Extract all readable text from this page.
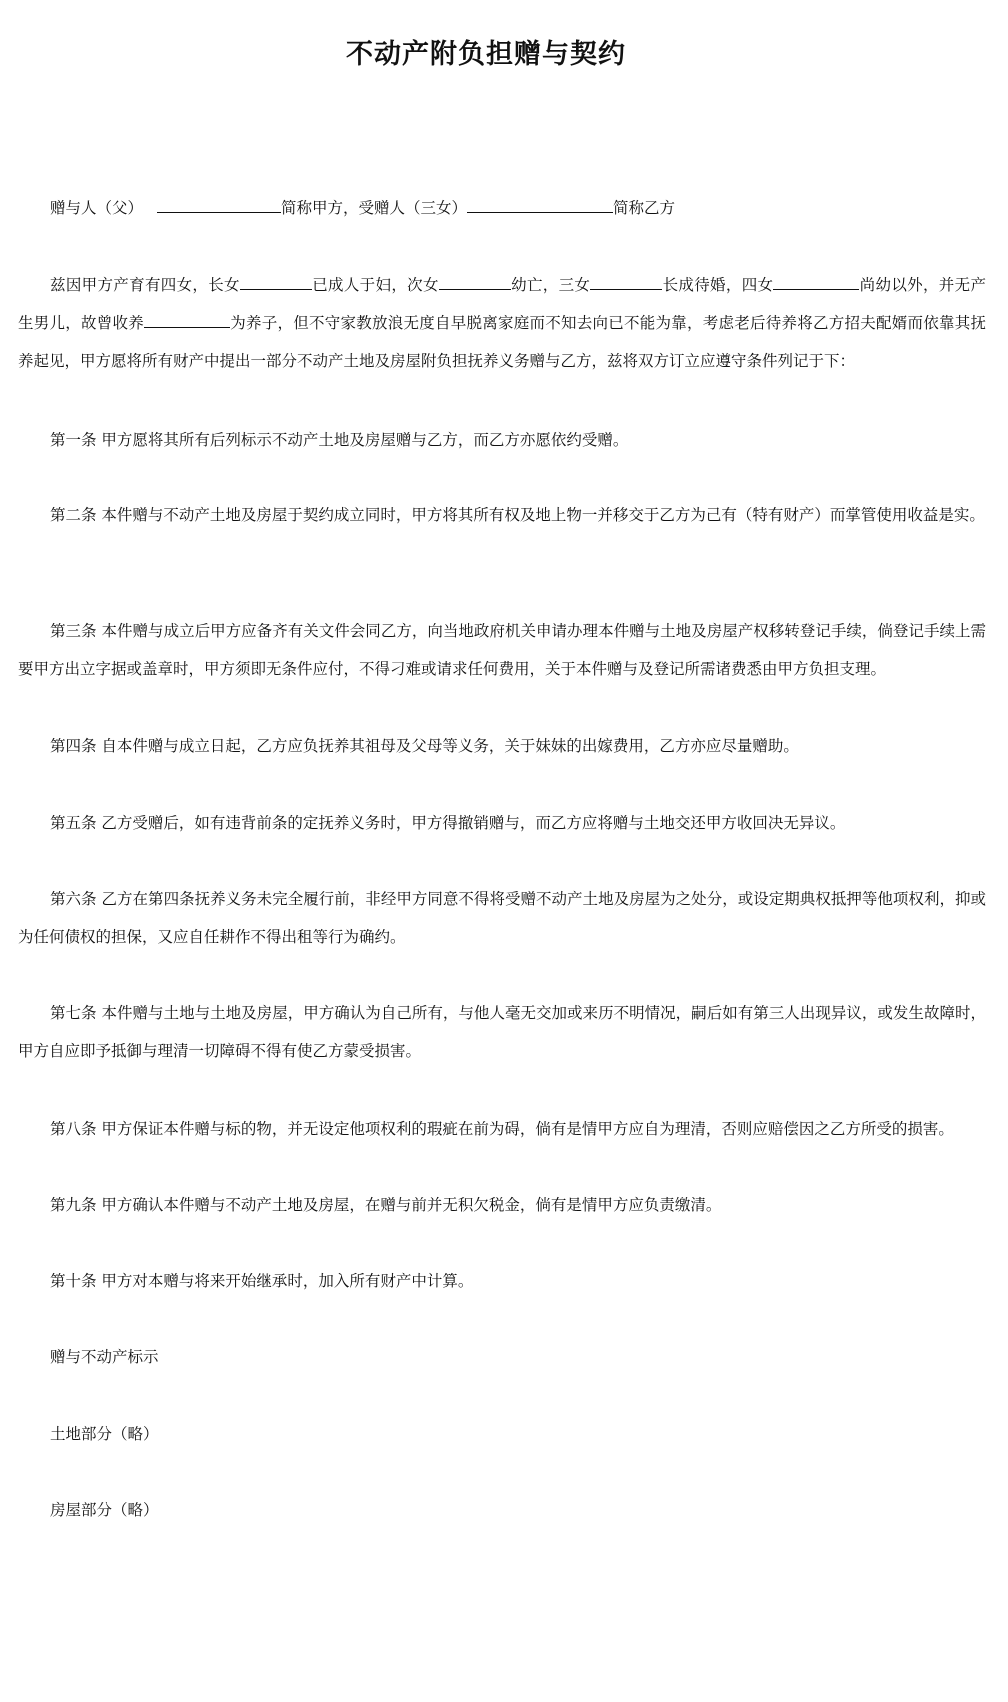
不动产附负担赠与契约

赠与人（父）	简称甲方，受赠人（三女）	简称乙方

兹因甲方产育有四女，长女	已成人于妇，次女	幼亡，三女	长成待婚，四女	尚幼以外，并无产生男儿，故曾收养	为养子，但不守家教放浪无度自早脱离家庭而不知去向已不能为靠，考虑老后待养将乙方招夫配婿而依靠其抚养起见，甲方愿将所有财产中提出一部分不动产土地及房屋附负担抚养义务赠与乙方，兹将双方订立应遵守条件列记于下：

第一条 甲方愿将其所有后列标示不动产土地及房屋赠与乙方，而乙方亦愿依约受赠。

第二条 本件赠与不动产土地及房屋于契约成立同时，甲方将其所有权及地上物一并移交于乙方为己有（特有财产）而掌管使用收益是实。

第三条 本件赠与成立后甲方应备齐有关文件会同乙方，向当地政府机关申请办理本件赠与土地及房屋产权移转登记手续，倘登记手续上需要甲方出立字据或盖章时，甲方须即无条件应付，不得刁难或请求任何费用，关于本件赠与及登记所需诸费悉由甲方负担支理。

第四条 自本件赠与成立日起，乙方应负抚养其祖母及父母等义务，关于妹妹的出嫁费用，乙方亦应尽量赠助。

第五条 乙方受赠后，如有违背前条的定抚养义务时，甲方得撤销赠与，而乙方应将赠与土地交还甲方收回决无异议。

第六条 乙方在第四条抚养义务未完全履行前，非经甲方同意不得将受赠不动产土地及房屋为之处分，或设定期典权抵押等他项权利，抑或为任何债权的担保，又应自任耕作不得出租等行为确约。

第七条 本件赠与土地与土地及房屋，甲方确认为自己所有，与他人毫无交加或来历不明情况，嗣后如有第三人出现异议，或发生故障时，甲方自应即予抵御与理清一切障碍不得有使乙方蒙受损害。

第八条 甲方保证本件赠与标的物，并无设定他项权利的瑕疵在前为碍，倘有是情甲方应自为理清，否则应赔偿因之乙方所受的损害。

第九条 甲方确认本件赠与不动产土地及房屋，在赠与前并无积欠税金，倘有是情甲方应负责缴清。

第十条 甲方对本赠与将来开始继承时，加入所有财产中计算。

赠与不动产标示

土地部分（略）

房屋部分（略）
